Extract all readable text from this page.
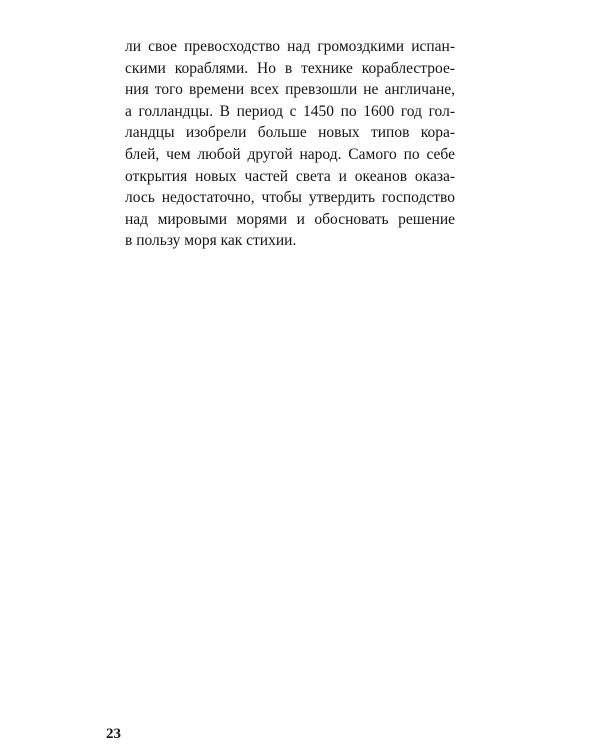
ли свое превосходство над громоздкими испан-
скими кораблями. Но в технике кораблестрое-
ния того времени всех превзошли не англичане,
а голландцы. В период с 1450 по 1600 год гол-
ландцы изобрели больше новых типов кора-
блей, чем любой другой народ. Самого по себе
открытия новых частей света и океанов оказа-
лось недостаточно, чтобы утвердить господство
над мировыми морями и обосновать решение
в пользу моря как стихии.
23
